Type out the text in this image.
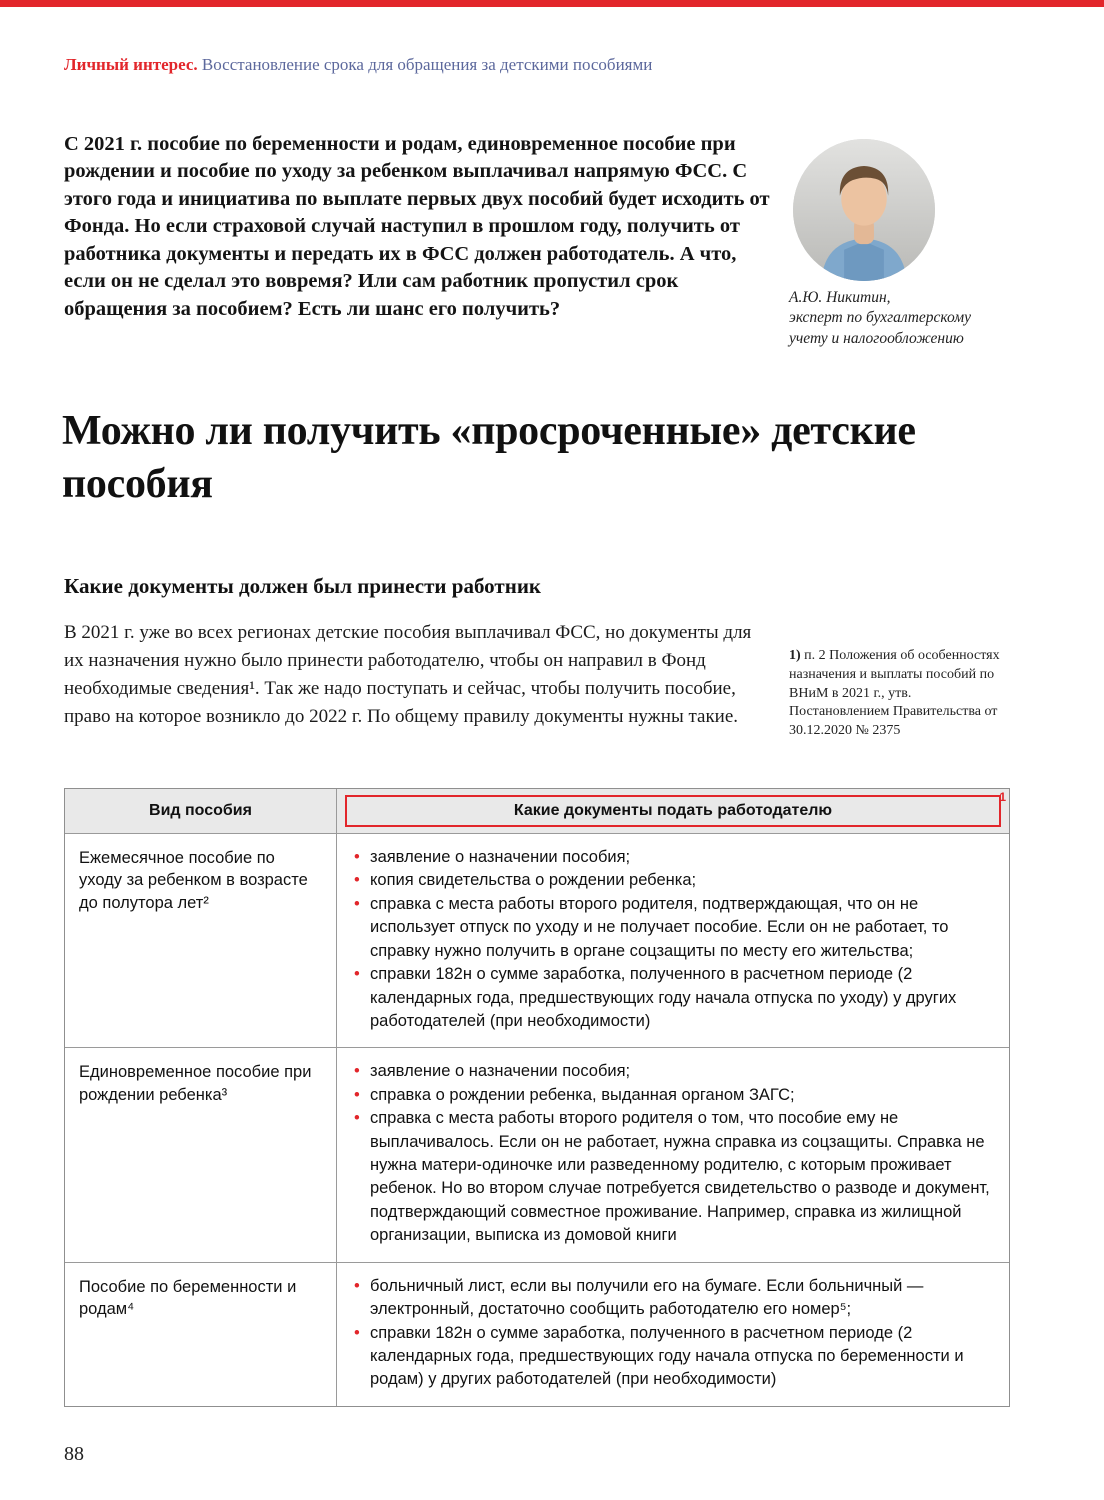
Личный интерес. Восстановление срока для обращения за детскими пособиями
С 2021 г. пособие по беременности и родам, единовременное пособие при рождении и пособие по уходу за ребенком выплачивал напрямую ФСС. С этого года и инициатива по выплате первых двух пособий будет исходить от Фонда. Но если страховой случай наступил в прошлом году, получить от работника документы и передать их в ФСС должен работодатель. А что, если он не сделал это вовремя? Или сам работник пропустил срок обращения за пособием? Есть ли шанс его получить?
А.Ю. Никитин,
эксперт по бухгалтерскому учету и налогообложению
Можно ли получить «просроченные» детские пособия
Какие документы должен был принести работник
В 2021 г. уже во всех регионах детские пособия выплачивал ФСС, но документы для их назначения нужно было принести работодателю, чтобы он направил в Фонд необходимые сведения¹. Так же надо поступать и сейчас, чтобы получить пособие, право на которое возникло до 2022 г. По общему правилу документы нужны такие.
1) п. 2 Положения об особенностях назначения и выплаты пособий по ВНиМ в 2021 г., утв. Постановлением Правительства от 30.12.2020 № 2375
Вид пособия	Какие документы подать работодателю
1
Ежемесячное пособие по уходу за ребенком в возрасте до полутора лет²
• заявление о назначении пособия;
• копия свидетельства о рождении ребенка;
• справка с места работы второго родителя, подтверждающая, что он не использует отпуск по уходу и не получает пособие. Если он не работает, то справку нужно получить в органе соцзащиты по месту его жительства;
• справки 182н о сумме заработка, полученного в расчетном периоде (2 календарных года, предшествующих году начала отпуска по уходу) у других работодателей (при необходимости)
Единовременное пособие при рождении ребенка³
• заявление о назначении пособия;
• справка о рождении ребенка, выданная органом ЗАГС;
• справка с места работы второго родителя о том, что пособие ему не выплачивалось. Если он не работает, нужна справка из соцзащиты. Справка не нужна матери-одиночке или разведенному родителю, с которым проживает ребенок. Но во втором случае потребуется свидетельство о разводе и документ, подтверждающий совместное проживание. Например, справка из жилищной организации, выписка из домовой книги
Пособие по беременности и родам⁴
• больничный лист, если вы получили его на бумаге. Если больничный — электронный, достаточно сообщить работодателю его номер⁵;
• справки 182н о сумме заработка, полученного в расчетном периоде (2 календарных года, предшествующих году начала отпуска по беременности и родам) у других работодателей (при необходимости)
88
